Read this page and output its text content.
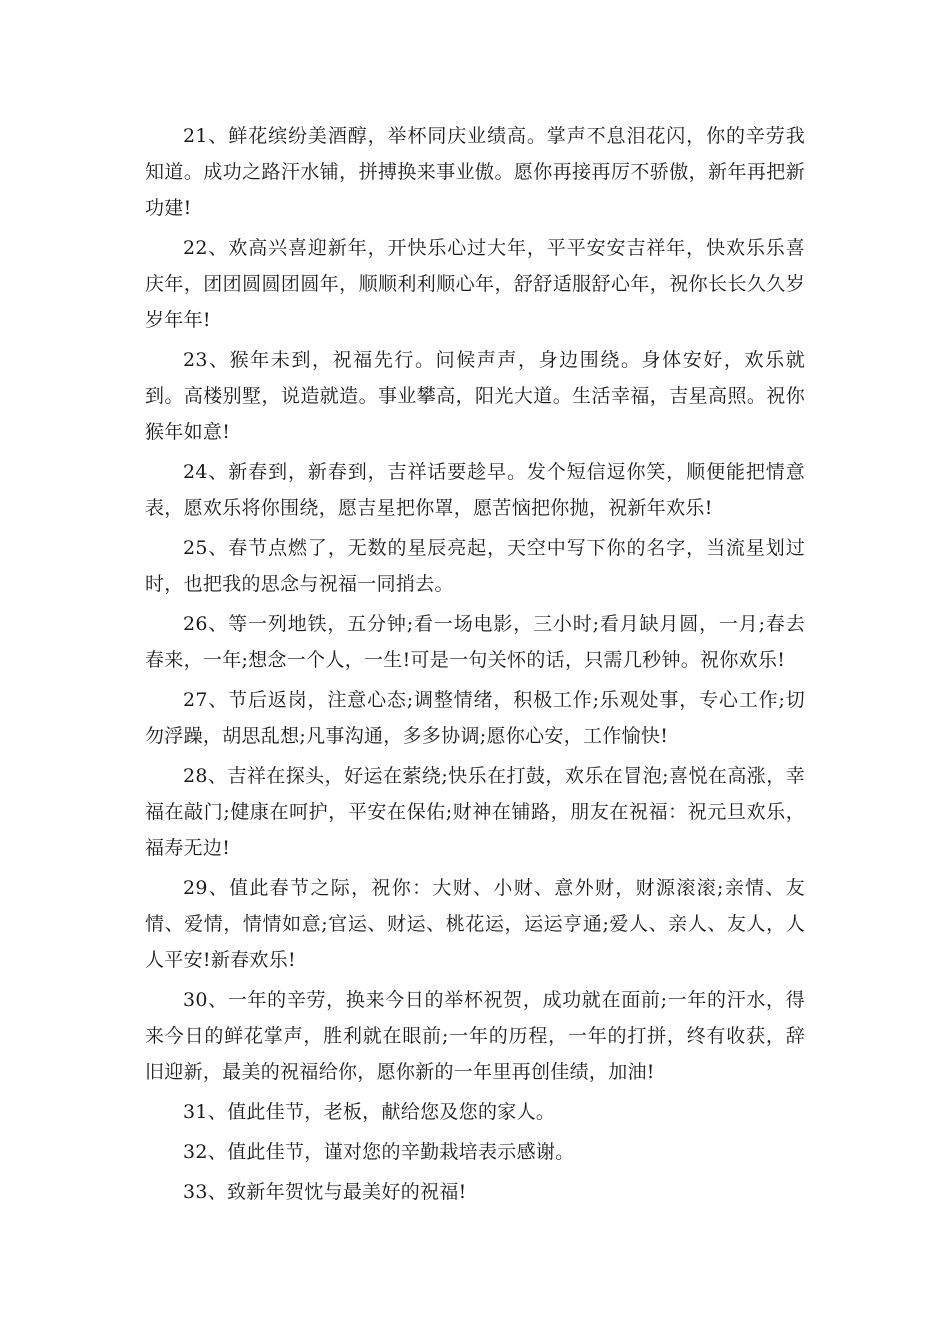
21、鲜花缤纷美酒醇，举杯同庆业绩高。掌声不息泪花闪，你的辛劳我知道。成功之路汗水铺，拼搏换来事业傲。愿你再接再厉不骄傲，新年再把新功建!

22、欢高兴喜迎新年，开快乐心过大年，平平安安吉祥年，快欢乐乐喜庆年，团团圆圆团圆年，顺顺利利顺心年，舒舒适服舒心年，祝你长长久久岁岁年年!

23、猴年未到，祝福先行。问候声声，身边围绕。身体安好，欢乐就到。高楼别墅，说造就造。事业攀高，阳光大道。生活幸福，吉星高照。祝你猴年如意!

24、新春到，新春到，吉祥话要趁早。发个短信逗你笑，顺便能把情意表，愿欢乐将你围绕，愿吉星把你罩，愿苦恼把你抛，祝新年欢乐!

25、春节点燃了，无数的星辰亮起，天空中写下你的名字，当流星划过时，也把我的思念与祝福一同捎去。

26、等一列地铁，五分钟;看一场电影，三小时;看月缺月圆，一月;春去春来，一年;想念一个人，一生!可是一句关怀的话，只需几秒钟。祝你欢乐!

27、节后返岗，注意心态;调整情绪，积极工作;乐观处事，专心工作;切勿浮躁，胡思乱想;凡事沟通，多多协调;愿你心安，工作愉快!

28、吉祥在探头，好运在萦绕;快乐在打鼓，欢乐在冒泡;喜悦在高涨，幸福在敲门;健康在呵护，平安在保佑;财神在铺路，朋友在祝福：祝元旦欢乐，福寿无边!

29、值此春节之际，祝你：大财、小财、意外财，财源滚滚;亲情、友情、爱情，情情如意;官运、财运、桃花运，运运亨通;爱人、亲人、友人，人人平安!新春欢乐!

30、一年的辛劳，换来今日的举杯祝贺，成功就在面前;一年的汗水，得来今日的鲜花掌声，胜利就在眼前;一年的历程，一年的打拼，终有收获，辞旧迎新，最美的祝福给你，愿你新的一年里再创佳绩，加油!

31、值此佳节，老板，献给您及您的家人。

32、值此佳节，谨对您的辛勤栽培表示感谢。

33、致新年贺忱与最美好的祝福!
